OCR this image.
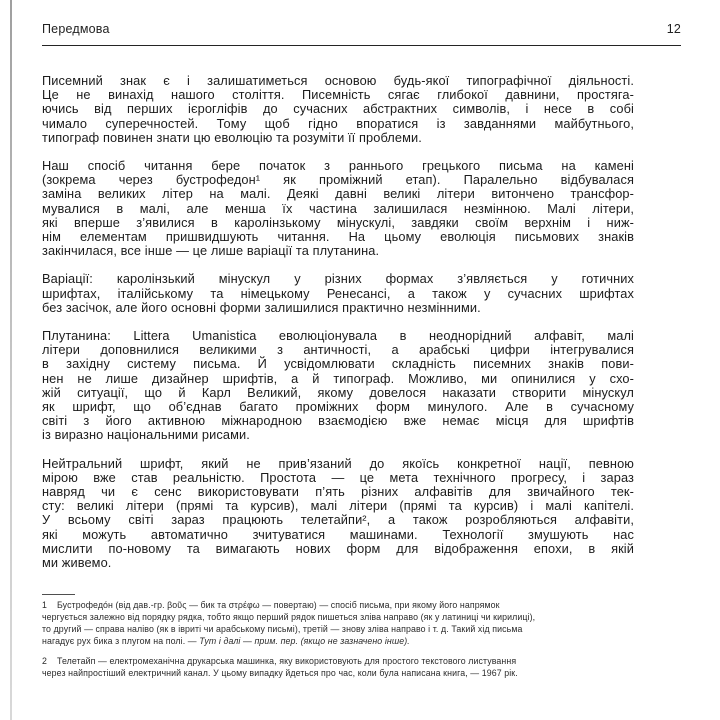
Передмова	12

Писемний знак є і залишатиметься основою будь-якої типографічної діяльності.
Це не винахід нашого століття. Писемність сягає глибокої давнини, простяга-
ючись від перших ієрогліфів до сучасних абстрактних символів, і несе в собі
чимало суперечностей. Тому щоб гідно впоратися із завданнями майбутнього,
типограф повинен знати цю еволюцію та розуміти її проблеми.

Наш спосіб читання бере початок з раннього грецького письма на камені
(зокрема через бустрофедон¹ як проміжний етап). Паралельно відбувалася
заміна великих літер на малі. Деякі давні великі літери витончено трансфор-
мувалися в малі, але менша їх частина залишилася незмінною. Малі літери,
які вперше з’явилися в каролінзькому мінускулі, завдяки своїм верхнім і ниж-
нім елементам пришвидшують читання. На цьому еволюція письмових знаків
закінчилася, все інше — це лише варіації та плутанина.

Варіації: каролінзький мінускул у різних формах з’являється у готичних
шрифтах, італійському та німецькому Ренесансі, а також у сучасних шрифтах
без засічок, але його основні форми залишилися практично незмінними.

Плутанина: Littera Umanistica еволюціонувала в неоднорідний алфавіт, малі
літери доповнилися великими з античності, а арабські цифри інтегрувалися
в західну систему письма. Й усвідомлювати складність писемних знаків пови-
нен не лише дизайнер шрифтів, а й типограф. Можливо, ми опинилися у схо-
жій ситуації, що й Карл Великий, якому довелося наказати створити мінускул
як шрифт, що об’єднав багато проміжних форм минулого. Але в сучасному
світі з його активною міжнародною взаємодією вже немає місця для шрифтів
із виразно національними рисами.

Нейтральний шрифт, який не прив’язаний до якоїсь конкретної нації, певною
мірою вже став реальністю. Простота — це мета технічного прогресу, і зараз
навряд чи є сенс використовувати п’ять різних алфавітів для звичайного тек-
сту: великі літери (прямі та курсив), малі літери (прямі та курсив) і малі капітелі.
У всьому світі зараз працюють телетайпи², а також розробляються алфавіти,
які можуть автоматично зчитуватися машинами. Технології змушують нас
мислити по-новому та вимагають нових форм для відображення епохи, в якій
ми живемо.

1 Бустрофедо́н (від дав.-гр. βοῦς — бик та στρέφω — повертаю) — спосіб письма, при якому його напрямок
чергується залежно від порядку рядка, тобто якщо перший рядок пишеться зліва направо (як у латиниці чи кирилиці),
то другий — справа наліво (як в івриті чи арабському письмі), третій — знову зліва направо і т. д. Такий хід письма
нагадує рух бика з плугом на полі. — Тут і далі — прим. пер. (якщо не зазначено інше).
2 Телетайп — електромеханічна друкарська машинка, яку використовують для простого текстового листування
через найпростіший електричний канал. У цьому випадку йдеться про час, коли була написана книга, — 1967 рік.
